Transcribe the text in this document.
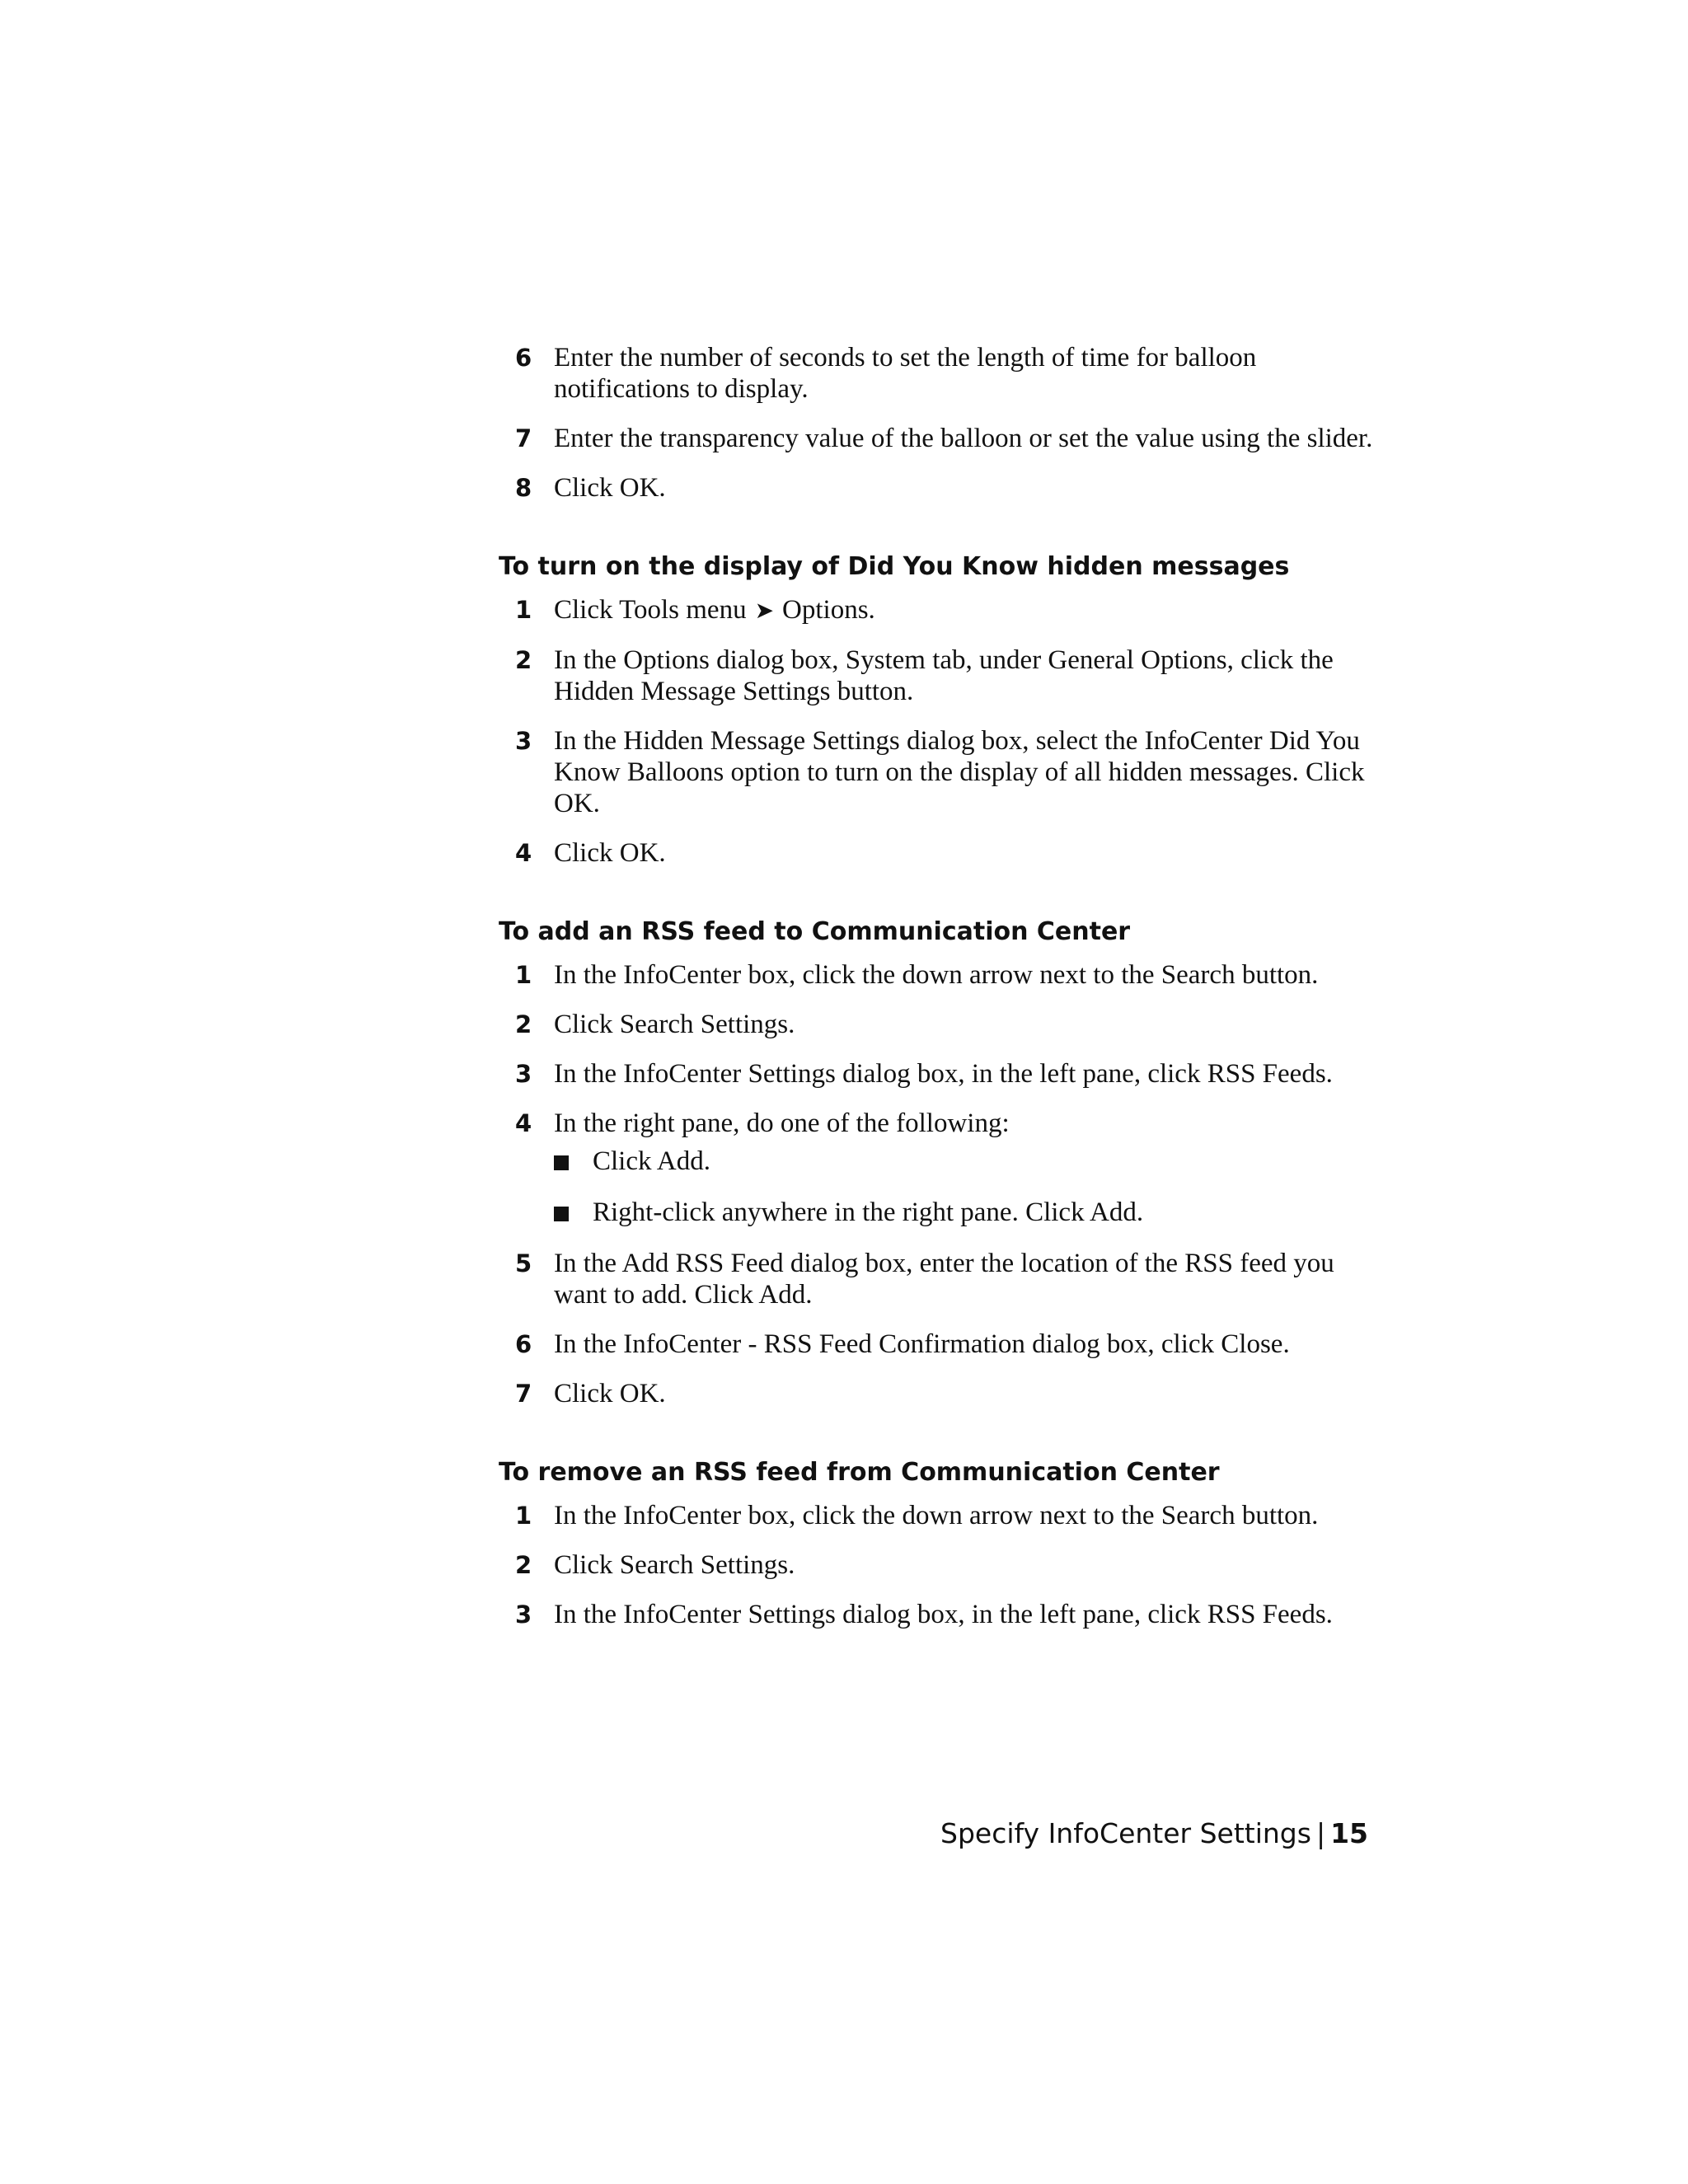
6 Enter the number of seconds to set the length of time for balloon notifications to display.
7 Enter the transparency value of the balloon or set the value using the slider.
8 Click OK.
To turn on the display of Did You Know hidden messages
1 Click Tools menu ➤ Options.
2 In the Options dialog box, System tab, under General Options, click the Hidden Message Settings button.
3 In the Hidden Message Settings dialog box, select the InfoCenter Did You Know Balloons option to turn on the display of all hidden messages. Click OK.
4 Click OK.
To add an RSS feed to Communication Center
1 In the InfoCenter box, click the down arrow next to the Search button.
2 Click Search Settings.
3 In the InfoCenter Settings dialog box, in the left pane, click RSS Feeds.
4 In the right pane, do one of the following:
Click Add.
Right-click anywhere in the right pane. Click Add.
5 In the Add RSS Feed dialog box, enter the location of the RSS feed you want to add. Click Add.
6 In the InfoCenter - RSS Feed Confirmation dialog box, click Close.
7 Click OK.
To remove an RSS feed from Communication Center
1 In the InfoCenter box, click the down arrow next to the Search button.
2 Click Search Settings.
3 In the InfoCenter Settings dialog box, in the left pane, click RSS Feeds.
Specify InfoCenter Settings | 15
